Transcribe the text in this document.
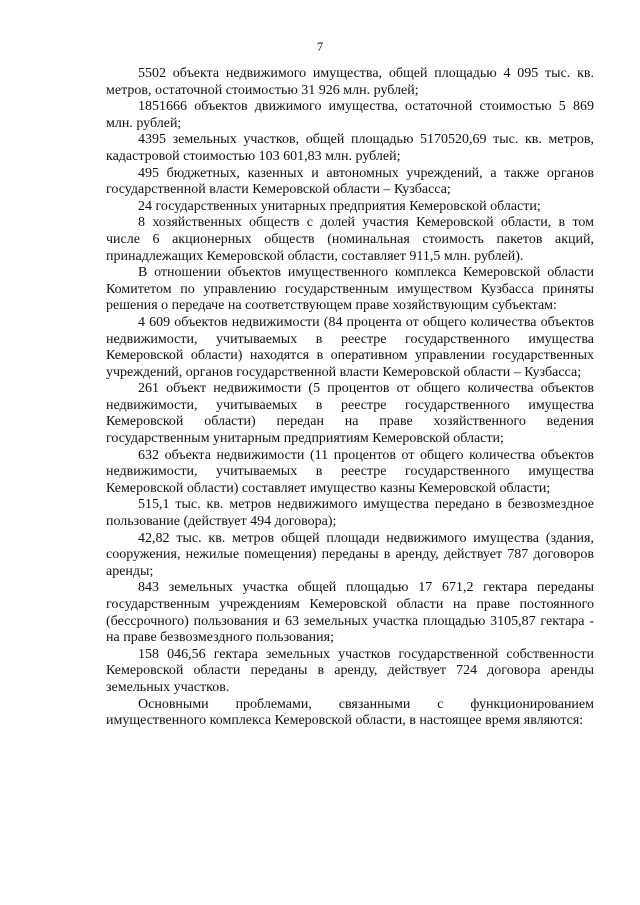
7

5502 объекта недвижимого имущества, общей площадью 4 095 тыс. кв. метров, остаточной стоимостью 31 926 млн. рублей;

1851666 объектов движимого имущества, остаточной стоимостью 5 869 млн. рублей;

4395 земельных участков, общей площадью 5170520,69 тыс. кв. метров, кадастровой стоимостью 103 601,83 млн. рублей;

495 бюджетных, казенных и автономных учреждений, а также органов государственной власти Кемеровской области – Кузбасса;

24 государственных унитарных предприятия Кемеровской области;

8 хозяйственных обществ с долей участия Кемеровской области, в том числе 6 акционерных обществ (номинальная стоимость пакетов акций, принадлежащих Кемеровской области, составляет 911,5 млн. рублей).

В отношении объектов имущественного комплекса Кемеровской области Комитетом по управлению государственным имуществом Кузбасса приняты решения о передаче на соответствующем праве хозяйствующим субъектам:

4 609 объектов недвижимости (84 процента от общего количества объектов недвижимости, учитываемых в реестре государственного имущества Кемеровской области) находятся в оперативном управлении государственных учреждений, органов государственной власти Кемеровской области – Кузбасса;

261 объект недвижимости (5 процентов от общего количества объектов недвижимости, учитываемых в реестре государственного имущества Кемеровской области) передан на праве хозяйственного ведения государственным унитарным предприятиям Кемеровской области;

632 объекта недвижимости (11 процентов от общего количества объектов недвижимости, учитываемых в реестре государственного имущества Кемеровской области) составляет имущество казны Кемеровской области;

515,1 тыс. кв. метров недвижимого имущества передано в безвозмездное пользование (действует 494 договора);

42,82 тыс. кв. метров общей площади недвижимого имущества (здания, сооружения, нежилые помещения) переданы в аренду, действует 787 договоров аренды;

843 земельных участка общей площадью 17 671,2 гектара переданы государственным учреждениям Кемеровской области на праве постоянного (бессрочного) пользования и 63 земельных участка площадью 3105,87 гектара - на праве безвозмездного пользования;

158 046,56 гектара земельных участков государственной собственности Кемеровской области переданы в аренду, действует 724 договора аренды земельных участков.

Основными проблемами, связанными с функционированием имущественного комплекса Кемеровской области, в настоящее время являются:
